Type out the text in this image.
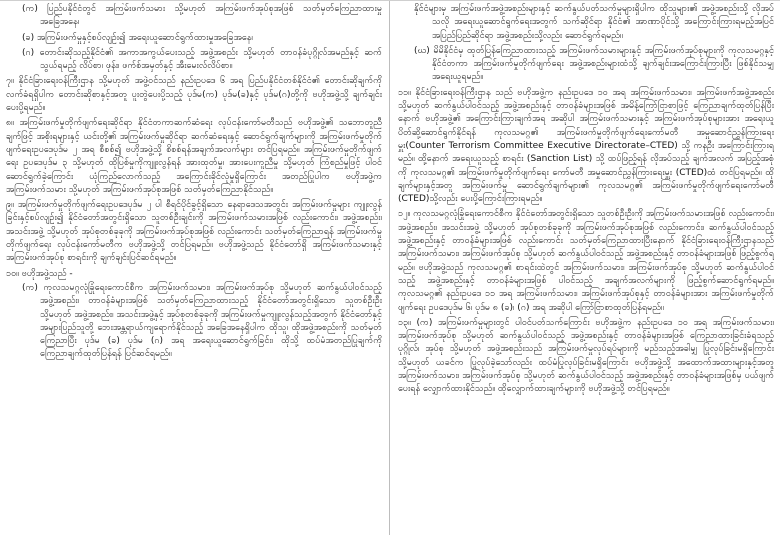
(က) ပြည်ပနိုင်ငံတွင် အကြမ်းဖက်သမား သို့မဟုတ် အကြမ်းဖက်အုပ်စုအဖြစ် သတ်မှတ်ကြေညာထားမှု အခြေအနေ၊

(ခ) အကြမ်းဖက်မှုနှင့်စပ်လျဉ်း၍ အရေးယူဆောင်ရွက်ထားမှုအခြေအနေ၊

(ဂ) တောင်းဆိုသည့်နိုင်ငံ၏ အကာအကွယ်ပေးသည့် အဖွဲ့အစည်း သို့မဟုတ် တာဝန်ခံပုဂ္ဂိုလ်အမည်နှင့် ဆက်သွယ်ရမည့် လိပ်စာ၊ ဖုန်း၊ ဖက်စ်အမှတ်နှင့် အီးမေးလ်လိပ်စာ။

၇။ နိုင်ငံခြားရေးဝန်ကြီးဌာန သို့မဟုတ် အဖွဲ့ဝင်သည် နည်းဥပဒေ ၆ အရ ပြည်ပနိုင်ငံတစ်နိုင်ငံ၏ တောင်းဆိုချက်ကို လက်ခံရရှိပါက တောင်းဆိုစာနှင့်အတူ ပူးတွဲပေးပို့သည့် ပုဒ်မ(က) ပုဒ်မ(ခ)နှင့် ပုဒ်မ(ဂ)တို့ကို ဗဟိုအဖွဲ့သို့ ချက်ချင်းပေးပို့ရမည်။

၈။ အကြမ်းဖက်မှုတိုက်ဖျက်ရေးဆိုင်ရာ နိုင်ငံတကာဆက်ဆံရေး လုပ်ငန်းကော်မတီသည် ဗဟိုအဖွဲ့၏ သဘောတူညီချက်ဖြင့် အစိုးရများနှင့် ယင်းတို့၏ အကြမ်းဖက်မှုဆိုင်ရာ ဆက်ဆံရေးနှင့် ဆောင်ရွက်ချက်များကို အကြမ်းဖက်မှုတိုက်ဖျက်ရေးဥပဒေပုဒ်မ ၂ အရ စီစစ်၍ ဗဟိုအဖွဲ့သို့ စိစစ်ရန်အချက်အလက်များ တင်ပြရမည်။ အကြမ်းဖက်မှုတိုက်ဖျက်ရေး ဥပဒေပုဒ်မ ၃ သို့မဟုတ် ထိုပြစ်မှုကိုကျူးလွန်ရန် အားထုတ်မှု၊ အားပေးကူညီမှု သို့မဟုတ် ကြံစည်မှုဖြင့် ပါဝင်ဆောင်ရွက်ခဲ့ကြောင်း ယုံကြည်လောက်သည့် အကြောင်းခိုင်လုံမှုရှိကြောင်း အတည်ပြုပါက ဗဟိုအဖွဲ့က အကြမ်းဖက်သမား သို့မဟုတ် အကြမ်းဖက်အုပ်စုအဖြစ် သတ်မှတ်ကြေညာနိုင်သည်။

၉။ အကြမ်းဖက်မှုတိုက်ဖျက်ရေးဥပဒေပုဒ်မ ၂ ပါ စီရင်ပိုင်ခွင့်ရှိသော နေရာဒေသအတွင်း အကြမ်းဖက်မှုများ ကျူးလွန်ခြင်းနှင့်စပ်လျဉ်း၍ နိုင်ငံတော်အတွင်းရှိသော သူတစ်ဦးချင်းကို အကြမ်းဖက်သမားအဖြစ် လည်းကောင်း၊ အဖွဲ့အစည်း၊ အသင်းအဖွဲ့ သို့မဟုတ် အုပ်စုတစ်ခုခုကို အကြမ်းဖက်အုပ်စုအဖြစ် လည်းကောင်း သတ်မှတ်ကြေညာရန် အကြမ်းဖက်မှုတိုက်ဖျက်ရေး လုပ်ငန်းကော်မတီက ဗဟိုအဖွဲ့သို့ တင်ပြရမည်။ ဗဟိုအဖွဲ့သည် နိုင်ငံတော်ရှိ အကြမ်းဖက်သမားနှင့် အကြမ်းဖက်အုပ်စု စာရင်းကို ချက်ချင်းပြင်ဆင်ရမည်။

၁၀။ ဗဟိုအဖွဲ့သည် -

(က) ကုလသမဂ္ဂလုံခြုံရေးကောင်စီက အကြမ်းဖက်သမား၊ အကြမ်းဖက်အုပ်စု သို့မဟုတ် ဆက်နွယ်ပါဝင်သည့် အဖွဲ့အစည်း၊ တာဝန်ခံများအဖြစ် သတ်မှတ်ကြေညာထားသည့် နိုင်ငံတော်အတွင်းရှိသော သူတစ်ဦးဦး သို့မဟုတ် အဖွဲ့အစည်း၊ အသင်းအဖွဲ့နှင့် အုပ်စုတစ်ခုခုကို အကြမ်းဖက်မှုကျူးလွန်သည့်အတွက် နိုင်ငံတော်နှင့် အများပြည်သူတို့ ဘေးအန္တရာယ်ကျရောက်နိုင်သည့် အခြေအနေရှိပါက ထိုသူ၊ ထိုအဖွဲ့အစည်းကို သတ်မှတ်ကြေညာပြီး ပုဒ်မ (ခ) ပုဒ်မ (ဂ) အရ အရေးယူဆောင်ရွက်ခြင်း၊ ထိုသို့ ထပ်မံအတည်ပြုချက်ကို ကြေညာချက်ထုတ်ပြန်ရန် ပြင်ဆင်ရမည်။

နိုင်ငံများမှ အကြမ်းဖက်အဖွဲ့အစည်းများနှင့် ဆက်နွယ်ပတ်သက်မှုများရှိပါက ထိုသူများ၏ အဖွဲ့အစည်းသို့ လိုအပ်သလို အရေးယူဆောင်ရွက်ရေးအတွက် သက်ဆိုင်ရာ နိုင်ငံ၏ အာဏာပိုင်သို့ အကြောင်းကြားရမည့်အပြင် အပြည်ပြည်ဆိုင်ရာ အဖွဲ့အစည်းသို့လည်း ဆောင်ရွက်ရမည်။

(ဃ) မိမိနိုင်ငံမှ ထုတ်ပြန်ကြေညာထားသည့် အကြမ်းဖက်သမားများနှင့် အကြမ်းဖက်အုပ်စုများကို ကုလသမဂ္ဂနှင့် နိုင်ငံတကာ အကြမ်းဖက်မှုတိုက်ဖျက်ရေး အဖွဲ့အစည်းများထံသို့ ချက်ချင်းအကြောင်းကြားပြီး ဖြစ်နိုင်သမျှ အရေးယူရမည်။

၁၁။ နိုင်ငံခြားရေးဝန်ကြီးဌာန သည် ဗဟိုအဖွဲ့က နည်းဥပဒေ ၁၀ အရ အကြမ်းဖက်သမား၊ အကြမ်းဖက်အဖွဲ့အစည်း သို့မဟုတ် ဆက်နွယ်ပါဝင်သည့် အဖွဲ့အစည်းနှင့် တာဝန်ခံများအဖြစ် အမိန့်ကြော်ငြာစာဖြင့် ကြေညာချက်ထုတ်ပြန်ပြီးနောက် ဗဟိုအဖွဲ့၏ အကြောင်းကြားချက်အရ အဆိုပါ အကြမ်းဖက်သမားနှင့် အကြမ်းဖက်အုပ်စုများအား အရေးယူပိတ်ဆို့ဆောင်ရွက်နိုင်ရန် ကုလသမဂ္ဂ၏ အကြမ်းဖက်မှုတိုက်ဖျက်ရေးကော်မတီ အမှုဆောင်ညွှန်ကြားရေးမှူး(Counter Terrorism Committee Executive Directorate–CTED) သို့ ကနဦး အကြောင်းကြားရမည်။ ထို့နောက် အရေးယူသည့် စာရင်း (Sanction List) သို့ ထပ်ဖြည့်ရန် လိုအပ်သည့် ချက်အလက် အပြည့်အစုံကို ကုလသမဂ္ဂ၏ အကြမ်းဖက်မှုတိုက်ဖျက်ရေး ကော်မတီ အမှုဆောင်ညွှန်ကြားရေးမှူး (CTED)ထံ တင်ပြရမည်။ ထိုချက်များနှင့်အတူ အကြမ်းဖက်မှု ဆောင်ရွက်ချက်များ၏ ကုလသမဂ္ဂ၏ အကြမ်းဖက်မှုတိုက်ဖျက်ရေးကော်မတီ (CTED)သို့လည်း ပေးပို့ကြောင်းကြားရမည်။

၁၂။ ကုလသမဂ္ဂလုံခြုံရေးကောင်စီက နိုင်ငံတော်အတွင်းရှိသော သူတစ်ဦးဦးကို အကြမ်းဖက်သမားအဖြစ် လည်းကောင်း၊ အဖွဲ့အစည်း၊ အသင်းအဖွဲ့ သို့မဟုတ် အုပ်စုတစ်ခုခုကို အကြမ်းဖက်အုပ်စုအဖြစ် လည်းကောင်း၊ ဆက်နွယ်ပါဝင်သည့် အဖွဲ့အစည်းနှင့် တာဝန်ခံများအဖြစ် လည်းကောင်း သတ်မှတ်ကြေညာထားပြီးနောက် နိုင်ငံခြားရေးဝန်ကြီးဌာနသည် အကြမ်းဖက်သမား၊ အကြမ်းဖက်အုပ်စု သို့မဟုတ် ဆက်နွယ်ပါဝင်သည့် အဖွဲ့အစည်းနှင့် တာဝန်ခံများအဖြစ် ဖြည့်စွက်ရမည်။ ဗဟိုအဖွဲ့သည် ကုလသမဂ္ဂ၏ စာရင်းထဲတွင် အကြမ်းဖက်သမား၊ အကြမ်းဖက်အုပ်စု သို့မဟုတ် ဆက်နွယ်ပါဝင်သည့် အဖွဲ့အစည်းနှင့် တာဝန်ခံများအဖြစ် ပါဝင်သည့် အချက်အလက်များကို ဖြည့်စွက်ဆောင်ရွက်ရမည်။ ကုလသမဂ္ဂ၏ နည်းဥပဒေ ၁၁ အရ အကြမ်းဖက်သမား၊ အကြမ်းဖက်အုပ်စုနှင့် တာဝန်ခံများအား အကြမ်းဖက်မှုတိုက်ဖျက်ရေး ဥပဒေပုဒ်မ ၆၊ ပုဒ်မ ၈ (ခ)၊ (ဂ) အရ အဆိုပါ ကြော်ငြာစာထုတ်ပြန်ရမည်။

၁၃။ (က) အကြမ်းဖက်မှုများတွင် ပါဝင်ပတ်သက်ကြောင်း ဗဟိုအဖွဲ့က နည်းဥပဒေ ၁၀ အရ အကြမ်းဖက်သမား၊ အကြမ်းဖက်အုပ်စု သို့မဟုတ် ဆက်နွယ်ပါဝင်သည့် အဖွဲ့အစည်းနှင့် တာဝန်ခံများအဖြစ် ကြေညာထားခြင်းခံရသည့် ပုဂ္ဂိုလ်၊ အုပ်စု သို့မဟုတ် အဖွဲ့အစည်းသည် အကြမ်းဖက်မှုလုပ်ရပ်များကို မည်သည့်အခါမျှ ပြုလုပ်ခြင်းမရှိကြောင်း သို့မဟုတ် ယခင်က ပြုလုပ်ခဲ့သော်လည်း ထပ်မံပြုလုပ်ခြင်းမရှိကြောင်း ဗဟိုအဖွဲ့သို့ အထောက်အထားများနှင့်အတူ အကြမ်းဖက်သမား၊ အကြမ်းဖက်အုပ်စု သို့မဟုတ် ဆက်နွယ်ပါဝင်သည့် အဖွဲ့အစည်းနှင့် တာဝန်ခံများအဖြစ်မှ ပယ်ဖျက်ပေးရန် လျှောက်ထားနိုင်သည်။ ထိုလျှောက်ထားချက်များကို ဗဟိုအဖွဲ့သို့ တင်ပြရမည်။
